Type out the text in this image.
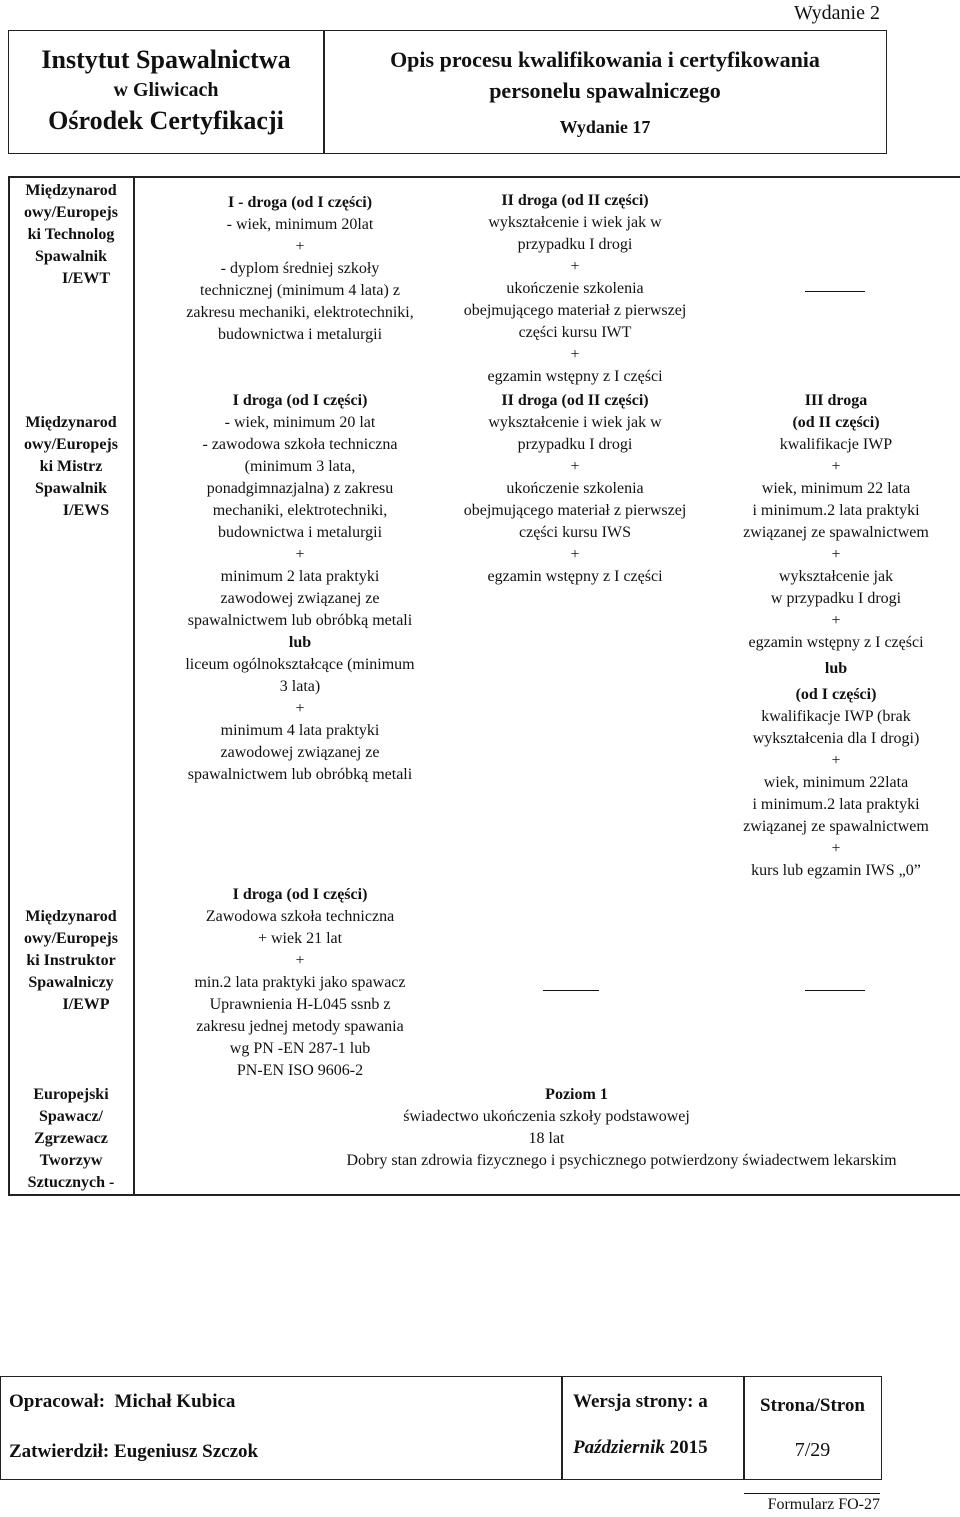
Wydanie 2
Instytut Spawalnictwa
w Gliwicach
Ośrodek Certyfikacji
Opis procesu kwalifikowania i certyfikowania
personelu spawalniczego
Wydanie 17
Międzynarod
owy/Europejs
ki Technolog
Spawalnik
I/EWT
I - droga (od I części)
- wiek, minimum 20lat
+
- dyplom średniej szkoły
technicznej (minimum 4 lata) z
zakresu mechaniki, elektrotechniki,
budownictwa i metalurgii
II droga (od II części)
wykształcenie i wiek jak w
przypadku I drogi
+
ukończenie szkolenia
obejmującego materiał z pierwszej
części kursu IWT
+
egzamin wstępny z I części
Międzynarod
owy/Europejs
ki Mistrz
Spawalnik
I/EWS
I droga (od I części)
- wiek, minimum 20 lat
- zawodowa szkoła techniczna
(minimum 3 lata,
ponadgimnazjalna) z zakresu
mechaniki, elektrotechniki,
budownictwa i metalurgii
+
minimum 2 lata praktyki
zawodowej związanej ze
spawalnictwem lub obróbką metali
lub
liceum ogólnokształcące (minimum
3 lata)
+
minimum 4 lata praktyki
zawodowej związanej ze
spawalnictwem lub obróbką metali
II droga (od II części)
wykształcenie i wiek jak w
przypadku I drogi
+
ukończenie szkolenia
obejmującego materiał z pierwszej
części kursu IWS
+
egzamin wstępny z I części
III droga
(od II części)
kwalifikacje IWP
+
wiek, minimum 22 lata
i minimum.2 lata praktyki
związanej ze spawalnictwem
+
wykształcenie jak
w przypadku I drogi
+
egzamin wstępny z I części
lub
(od I części)
kwalifikacje IWP (brak
wykształcenia dla I drogi)
+
wiek, minimum 22lata
i minimum.2 lata praktyki
związanej ze spawalnictwem
+
kurs lub egzamin IWS „0”
Międzynarod
owy/Europejs
ki Instruktor
Spawalniczy
I/EWP
I droga (od I części)
Zawodowa szkoła techniczna
+ wiek 21 lat
+
min.2 lata praktyki jako spawacz
Uprawnienia H-L045 ssnb z
zakresu jednej metody spawania
wg PN -EN 287-1 lub
PN-EN ISO 9606-2
Europejski
Spawacz/
Zgrzewacz
Tworzyw
Sztucznych -
Poziom 1
świadectwo ukończenia szkoły podstawowej
18 lat
Dobry stan zdrowia fizycznego i psychicznego potwierdzony świadectwem lekarskim
Opracował: Michał Kubica
Zatwierdził: Eugeniusz Szczok
Wersja strony: a
Październik 2015
Strona/Stron
7/29
Formularz FO-27
